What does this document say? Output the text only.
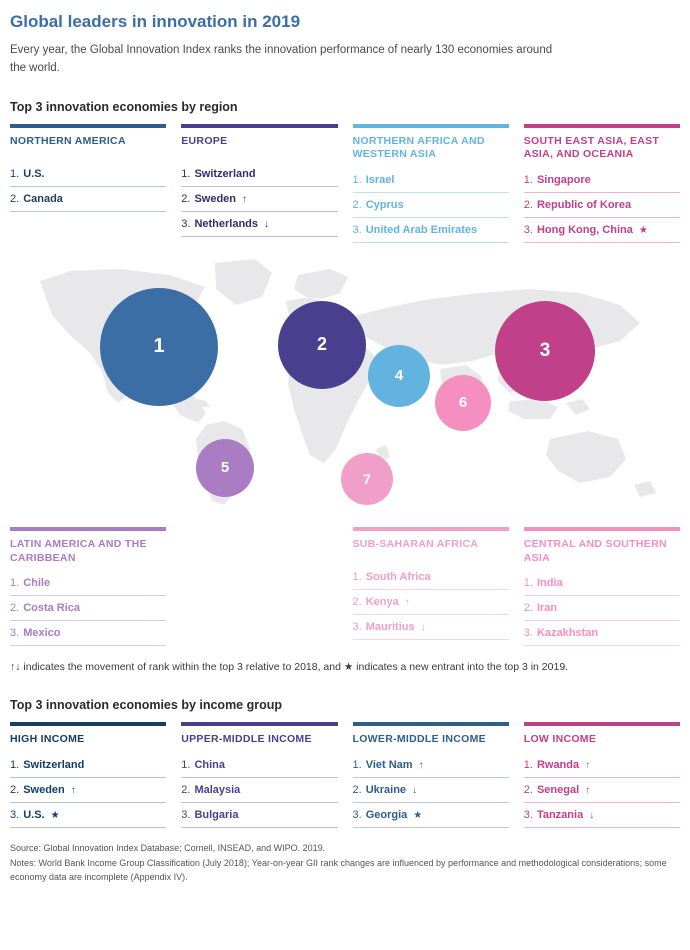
Global leaders in innovation in 2019
Every year, the Global Innovation Index ranks the innovation performance of nearly 130 economies around the world.
Top 3 innovation economies by region
NORTHERN AMERICA
1. U.S.
2. Canada
EUROPE
1. Switzerland
2. Sweden ↑
3. Netherlands ↓
NORTHERN AFRICA AND WESTERN ASIA
1. Israel
2. Cyprus
3. United Arab Emirates
SOUTH EAST ASIA, EAST ASIA, AND OCEANIA
1. Singapore
2. Republic of Korea
3. Hong Kong, China ★
1	2	3
4
5
6
7
LATIN AMERICA AND THE CARIBBEAN
1. Chile
2. Costa Rica
3. Mexico
SUB-SAHARAN AFRICA
1. South Africa
2. Kenya ↑
3. Mauritius ↓
CENTRAL AND SOUTHERN ASIA
1. India
2. Iran
3. Kazakhstan
↑↓ indicates the movement of rank within the top 3 relative to 2018, and ★ indicates a new entrant into the top 3 in 2019.
Top 3 innovation economies by income group
HIGH INCOME
1. Switzerland
2. Sweden ↑
3. U.S. ★
UPPER-MIDDLE INCOME
1. China
2. Malaysia
3. Bulgaria
LOWER-MIDDLE INCOME
1. Viet Nam ↑
2. Ukraine ↓
3. Georgia ★
LOW INCOME
1. Rwanda ↑
2. Senegal ↑
3. Tanzania ↓
Source: Global Innovation Index Database; Cornell, INSEAD, and WIPO. 2019.
Notes: World Bank Income Group Classification (July 2018); Year-on-year GII rank changes are influenced by performance and methodological considerations; some economy data are incomplete (Appendix IV).
